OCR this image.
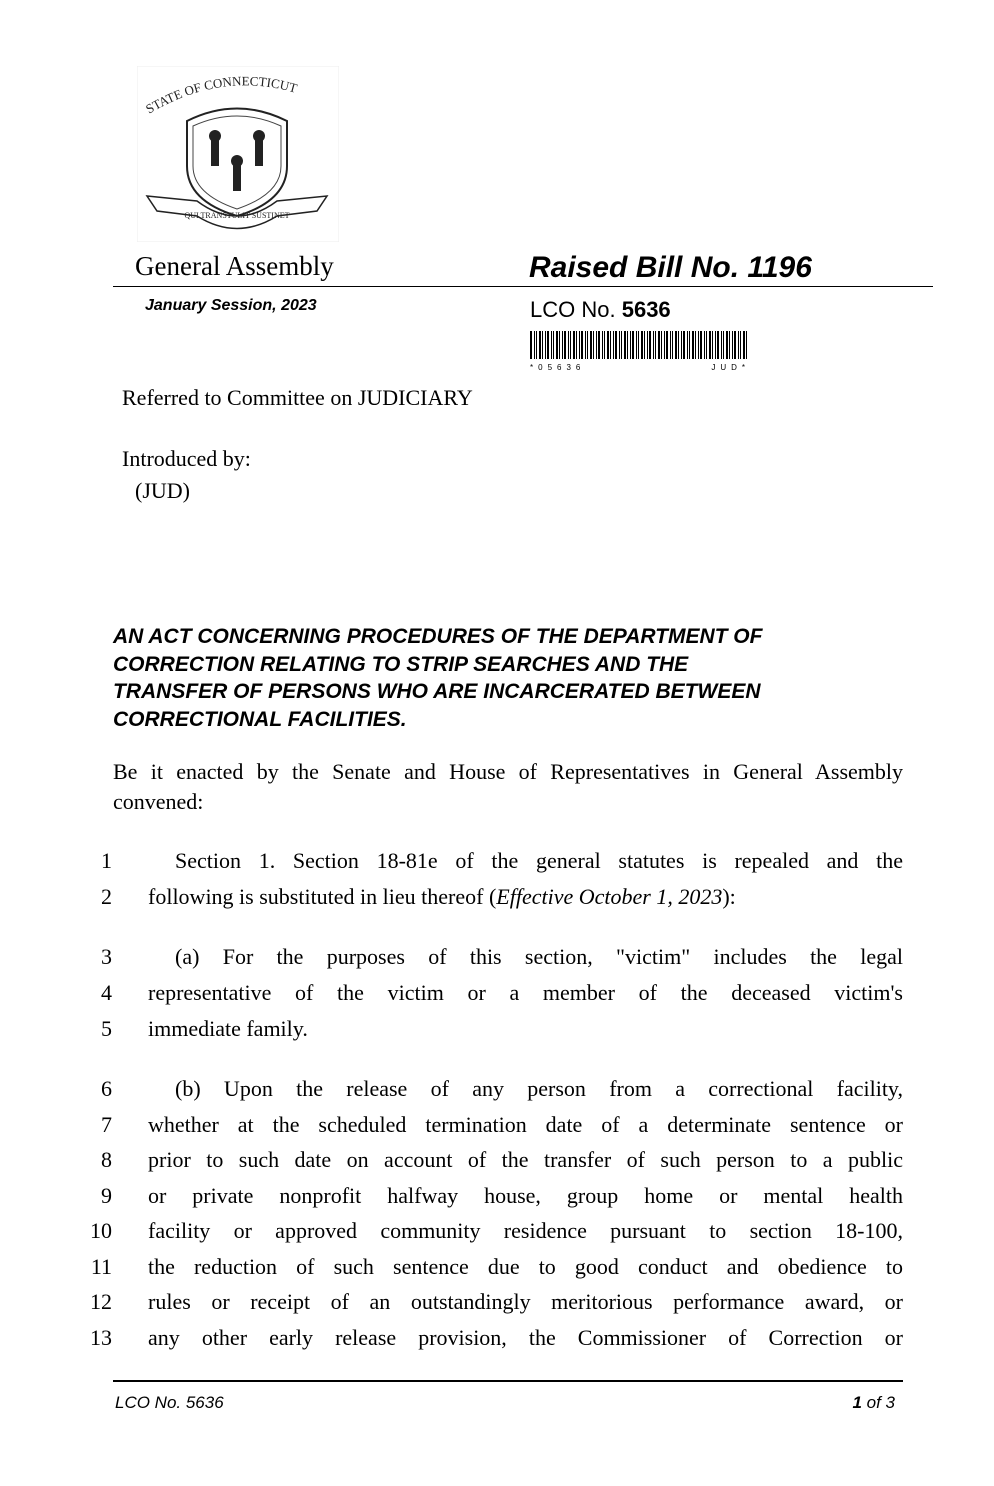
STATE OF CONNECTICUT
QUI TRANSTULIT SUSTINET
General Assembly	Raised Bill No. 1196
January Session, 2023	LCO No. 5636
*05636	JUD*
Referred to Committee on JUDICIARY
Introduced by:
(JUD)
AN ACT CONCERNING PROCEDURES OF THE DEPARTMENT OF
CORRECTION RELATING TO STRIP SEARCHES AND THE
TRANSFER OF PERSONS WHO ARE INCARCERATED BETWEEN
CORRECTIONAL FACILITIES.
Be it enacted by the Senate and House of Representatives in General Assembly convened:
1	Section 1. Section 18-81e of the general statutes is repealed and the
2 following is substituted in lieu thereof (Effective October 1, 2023):
3	(a) For the purposes of this section, "victim" includes the legal
4 representative of the victim or a member of the deceased victim's
5 immediate family.
6	(b) Upon the release of any person from a correctional facility,
7 whether at the scheduled termination date of a determinate sentence or
8 prior to such date on account of the transfer of such person to a public
9 or private nonprofit halfway house, group home or mental health
10 facility or approved community residence pursuant to section 18-100,
11 the reduction of such sentence due to good conduct and obedience to
12 rules or receipt of an outstandingly meritorious performance award, or
13 any other early release provision, the Commissioner of Correction or
LCO No. 5636	1 of 3
